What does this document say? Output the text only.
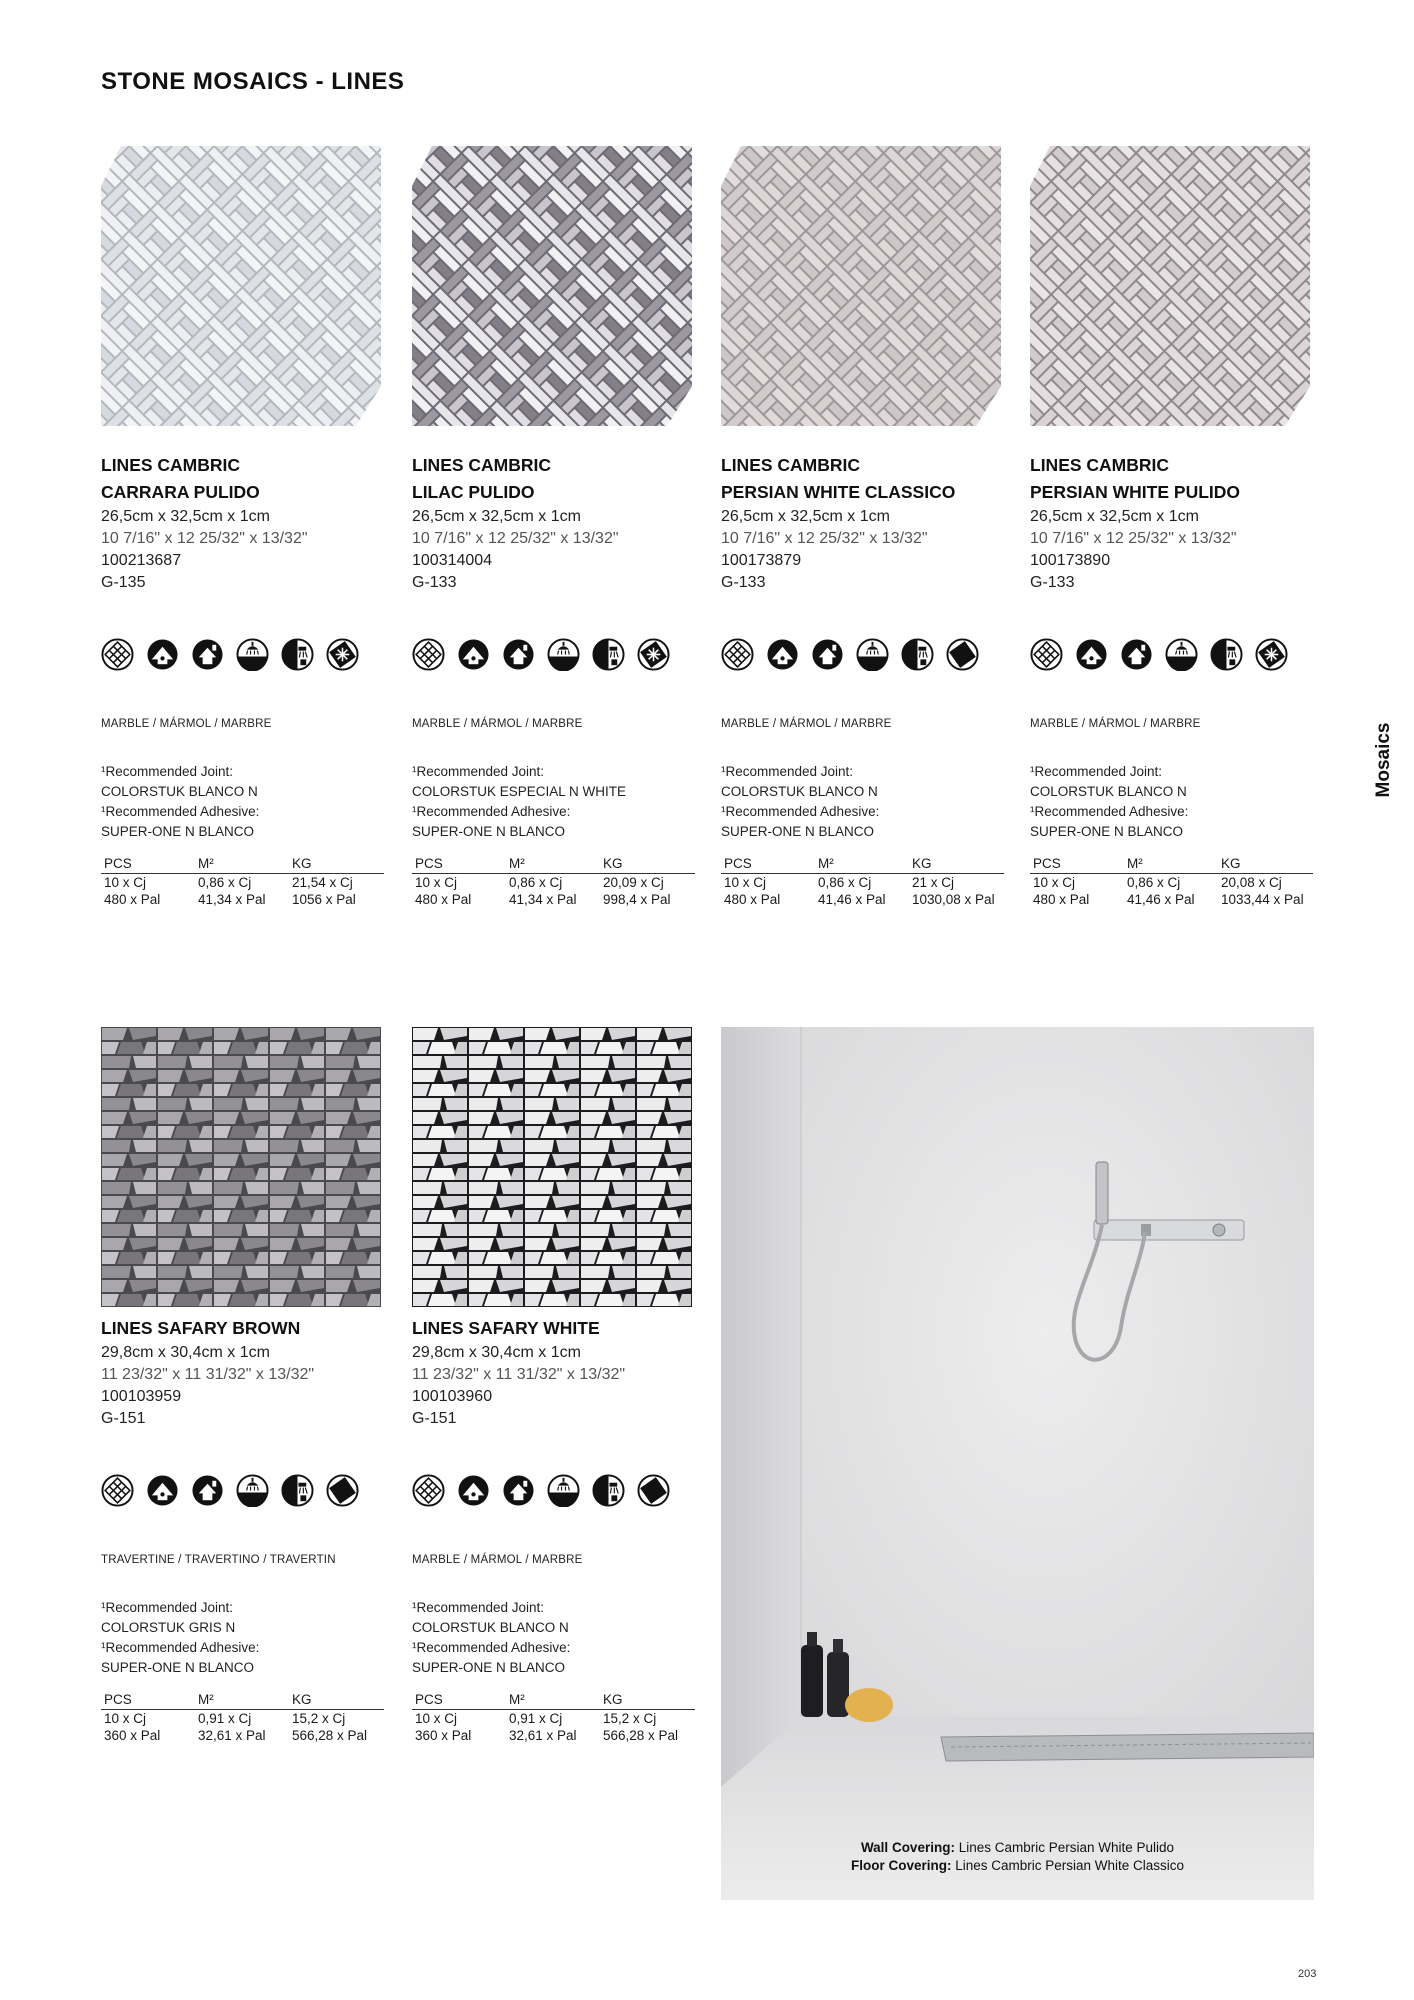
STONE MOSAICS - LINES
Mosaics
203
LINES CAMBRIC
CARRARA PULIDO
26,5cm x 32,5cm x 1cm
10 7/16" x 12 25/32" x 13/32"
100213687
G-135
MARBLE / MÁRMOL / MARBRE
¹Recommended Joint:
COLORSTUK BLANCO N
¹Recommended Adhesive:
SUPER-ONE N BLANCO
PCS	M²	KG
10 x Cj	0,86 x Cj	21,54 x Cj
480 x Pal	41,34 x Pal	1056 x Pal
LINES CAMBRIC
LILAC PULIDO
26,5cm x 32,5cm x 1cm
10 7/16" x 12 25/32" x 13/32"
100314004
G-133
MARBLE / MÁRMOL / MARBRE
¹Recommended Joint:
COLORSTUK ESPECIAL N WHITE
¹Recommended Adhesive:
SUPER-ONE N BLANCO
PCS	M²	KG
10 x Cj	0,86 x Cj	20,09 x Cj
480 x Pal	41,34 x Pal	998,4 x Pal
LINES CAMBRIC
PERSIAN WHITE CLASSICO
26,5cm x 32,5cm x 1cm
10 7/16" x 12 25/32" x 13/32"
100173879
G-133
MARBLE / MÁRMOL / MARBRE
¹Recommended Joint:
COLORSTUK BLANCO N
¹Recommended Adhesive:
SUPER-ONE N BLANCO
PCS	M²	KG
10 x Cj	0,86 x Cj	21 x Cj
480 x Pal	41,46 x Pal	1030,08 x Pal
LINES CAMBRIC
PERSIAN WHITE PULIDO
26,5cm x 32,5cm x 1cm
10 7/16" x 12 25/32" x 13/32"
100173890
G-133
MARBLE / MÁRMOL / MARBRE
¹Recommended Joint:
COLORSTUK BLANCO N
¹Recommended Adhesive:
SUPER-ONE N BLANCO
PCS	M²	KG
10 x Cj	0,86 x Cj	20,08 x Cj
480 x Pal	41,46 x Pal	1033,44 x Pal
LINES SAFARY BROWN
29,8cm x 30,4cm x 1cm
11 23/32" x 11 31/32" x 13/32"
100103959
G-151
TRAVERTINE / TRAVERTINO / TRAVERTIN
¹Recommended Joint:
COLORSTUK GRIS N
¹Recommended Adhesive:
SUPER-ONE N BLANCO
PCS	M²	KG
10 x Cj	0,91 x Cj	15,2 x Cj
360 x Pal	32,61 x Pal	566,28 x Pal
LINES SAFARY WHITE
29,8cm x 30,4cm x 1cm
11 23/32" x 11 31/32" x 13/32"
100103960
G-151
MARBLE / MÁRMOL / MARBRE
¹Recommended Joint:
COLORSTUK BLANCO N
¹Recommended Adhesive:
SUPER-ONE N BLANCO
PCS	M²	KG
10 x Cj	0,91 x Cj	15,2 x Cj
360 x Pal	32,61 x Pal	566,28 x Pal
Wall Covering: Lines Cambric Persian White Pulido
Floor Covering: Lines Cambric Persian White Classico
